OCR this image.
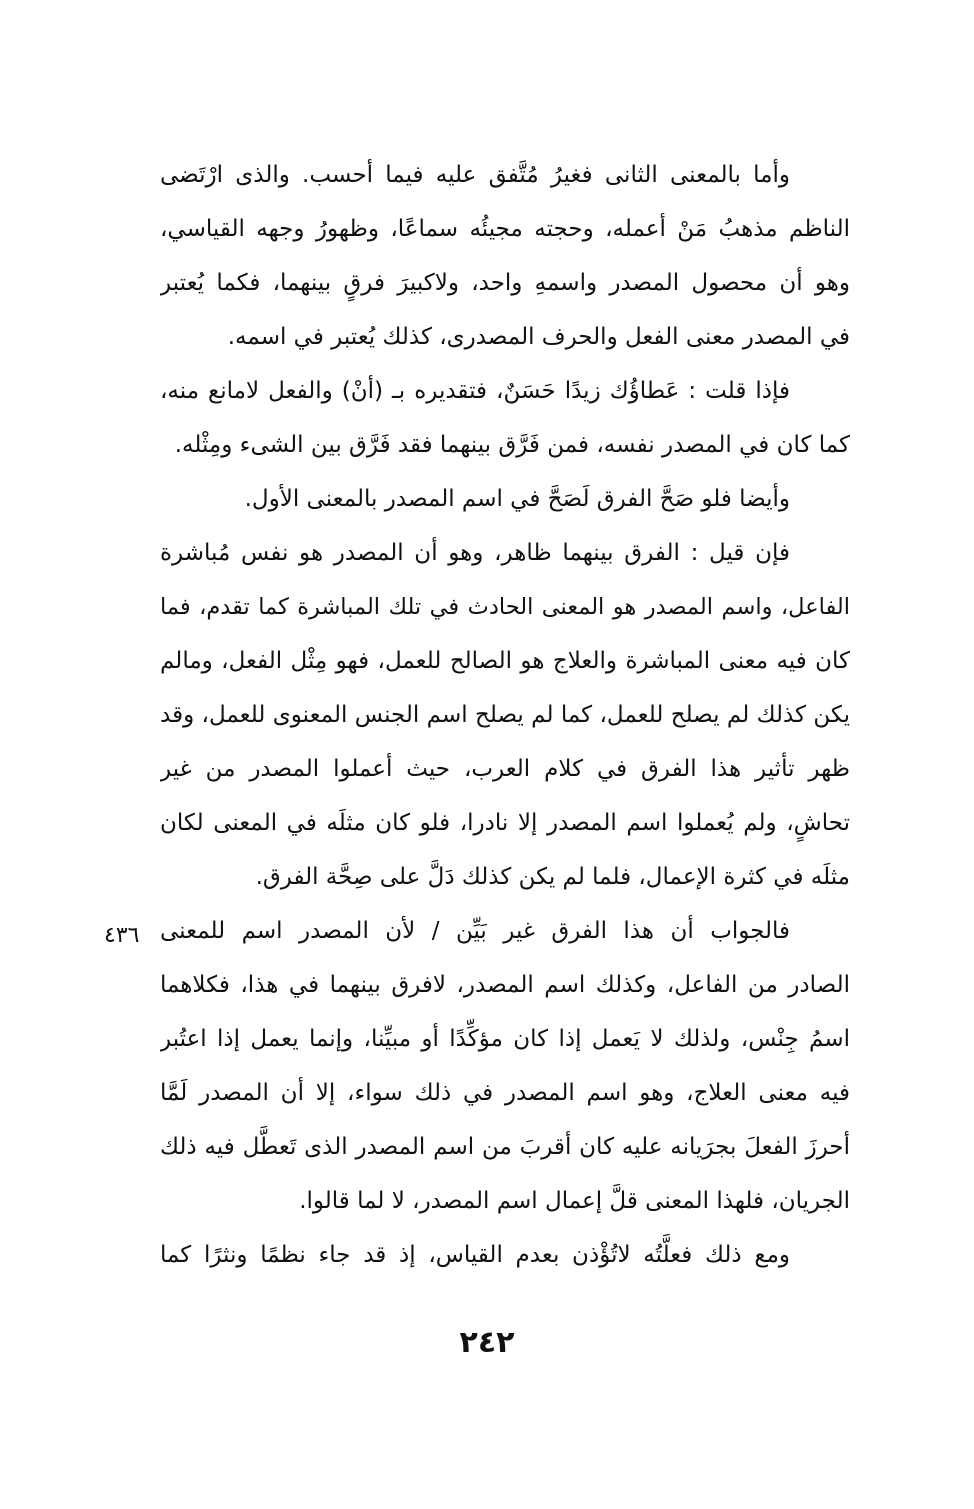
وأما بالمعنى الثانى فغيرُ مُتَّفق عليه فيما أحسب. والذى ارْتَضى
الناظم مذهبُ مَنْ أعمله، وحجته مجيئُه سماعًا، وظهورُ وجهه القياسي،
وهو أن محصول المصدر واسمهِ واحد، ولاكبيرَ فرقٍ بينهما، فكما يُعتبر
في المصدر معنى الفعل والحرف المصدرى، كذلك يُعتبر في اسمه.
فإذا قلت : عَطاؤُك زيدًا حَسَنٌ، فتقديره بـ (أنْ) والفعل لامانع منه،
كما كان في المصدر نفسه، فمن فَرَّق بينهما فقد فَرَّق بين الشىء ومِثْله.
وأيضا فلو صَحَّ الفرق لَصَحَّ في اسم المصدر بالمعنى الأول.
فإن قيل : الفرق بينهما ظاهر، وهو أن المصدر هو نفس مُباشرة
الفاعل، واسم المصدر هو المعنى الحادث في تلك المباشرة كما تقدم، فما
كان فيه معنى المباشرة والعلاج هو الصالح للعمل، فهو مِثْل الفعل، ومالم
يكن كذلك لم يصلح للعمل، كما لم يصلح اسم الجنس المعنوى للعمل، وقد
ظهر تأثير هذا الفرق في كلام العرب، حيث أعملوا المصدر من غير
تحاشٍ، ولم يُعملوا اسم المصدر إلا نادرا، فلو كان مثلَه في المعنى لكان
مثلَه في كثرة الإعمال، فلما لم يكن كذلك دَلَّ على صِحَّة الفرق.
فالجواب أن هذا الفرق غير بَيِّن / لأن المصدر اسم للمعنى
الصادر من الفاعل، وكذلك اسم المصدر، لافرق بينهما في هذا، فكلاهما
اسمُ جِنْس، ولذلك لا يَعمل إذا كان مؤكِّدًا أو مبيِّنا، وإنما يعمل إذا اعتُبر
فيه معنى العلاج، وهو اسم المصدر في ذلك سواء، إلا أن المصدر لَمَّا
أحرزَ الفعلَ بجرَيانه عليه كان أقربَ من اسم المصدر الذى تَعطَّل فيه ذلك
الجريان، فلهذا المعنى قلَّ إعمال اسم المصدر، لا لما قالوا.
ومع ذلك فعلَّتُه لاتُؤْذن بعدم القياس، إذ قد جاء نظمًا ونثرًا كما
٤٣٦
٢٤٢
